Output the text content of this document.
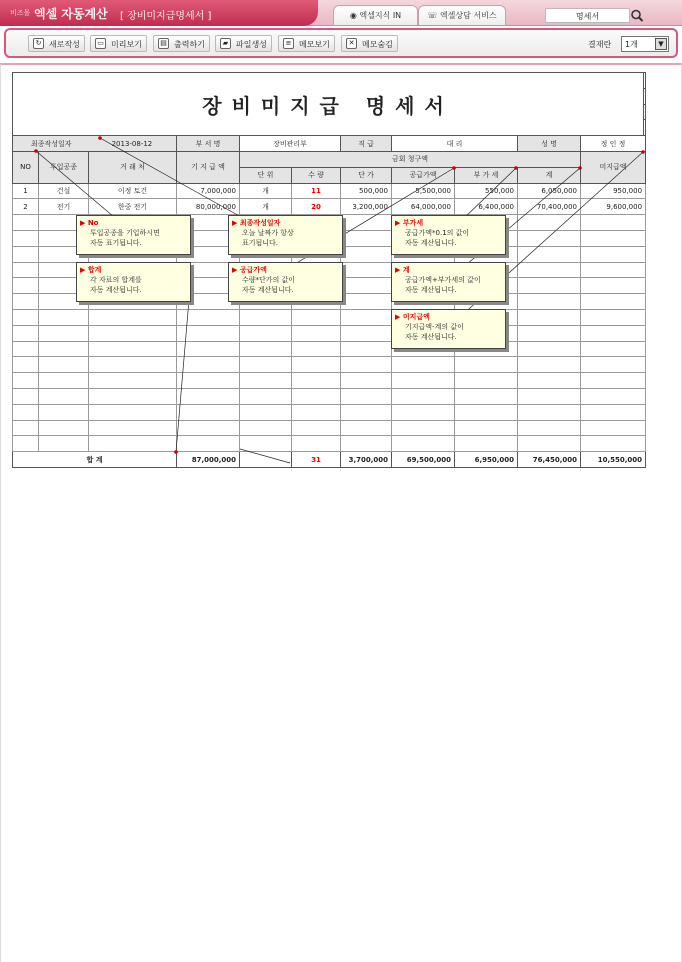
비즈몰 엑셀 자동계산 [ 장비미지급명세서 ]	◉ 엑셀지식 IN	☏ 엑셀상담 서비스	명세서
↻ 새로작성	▭ 미리보기	▤ 출력하기	▰ 파일생성	≡ 메모보기	✕ 메모숨김	결재란	1개	▼
장비미지급 명세서											

최종작성일자 2013-08-12			부 서 명	장비관리부		직 급	대 리		성 명	정 인 정	
NO	투입공종	거 래 처	기 지 급 액	금회 청구액						미지급액	
				단 위	수 량	단 가	공급가액	부 가 세	계		
1	건설	이정 토건	7,000,000	개	11	500,000	5,500,000	550,000	6,050,000	950,000	
2	전기	한중 전기	80,000,000	개	20	3,200,000	64,000,000	6,400,000	70,400,000	9,600,000	

합 계			87,000,000		31	3,700,000	69,500,000	6,950,000	76,450,000	10,550,000	
▶ No
투입공종을 기입하시면
자동 표기됩니다.
▶ 최종작성일자
오늘 날짜가 항상
표기됩니다.
▶ 부가세
공급가액*0.1의 값이
자동 계산됩니다.
▶ 합계
각 자료의 합계를
자동 계산됩니다.
▶ 공급가액
수량*단가의 값이
자동 계산됩니다.
▶ 계
공급가액+부가세의 값이
자동 계산됩니다.
▶ 미지급액
기지급액-계의 값이
자동 계산됩니다.
